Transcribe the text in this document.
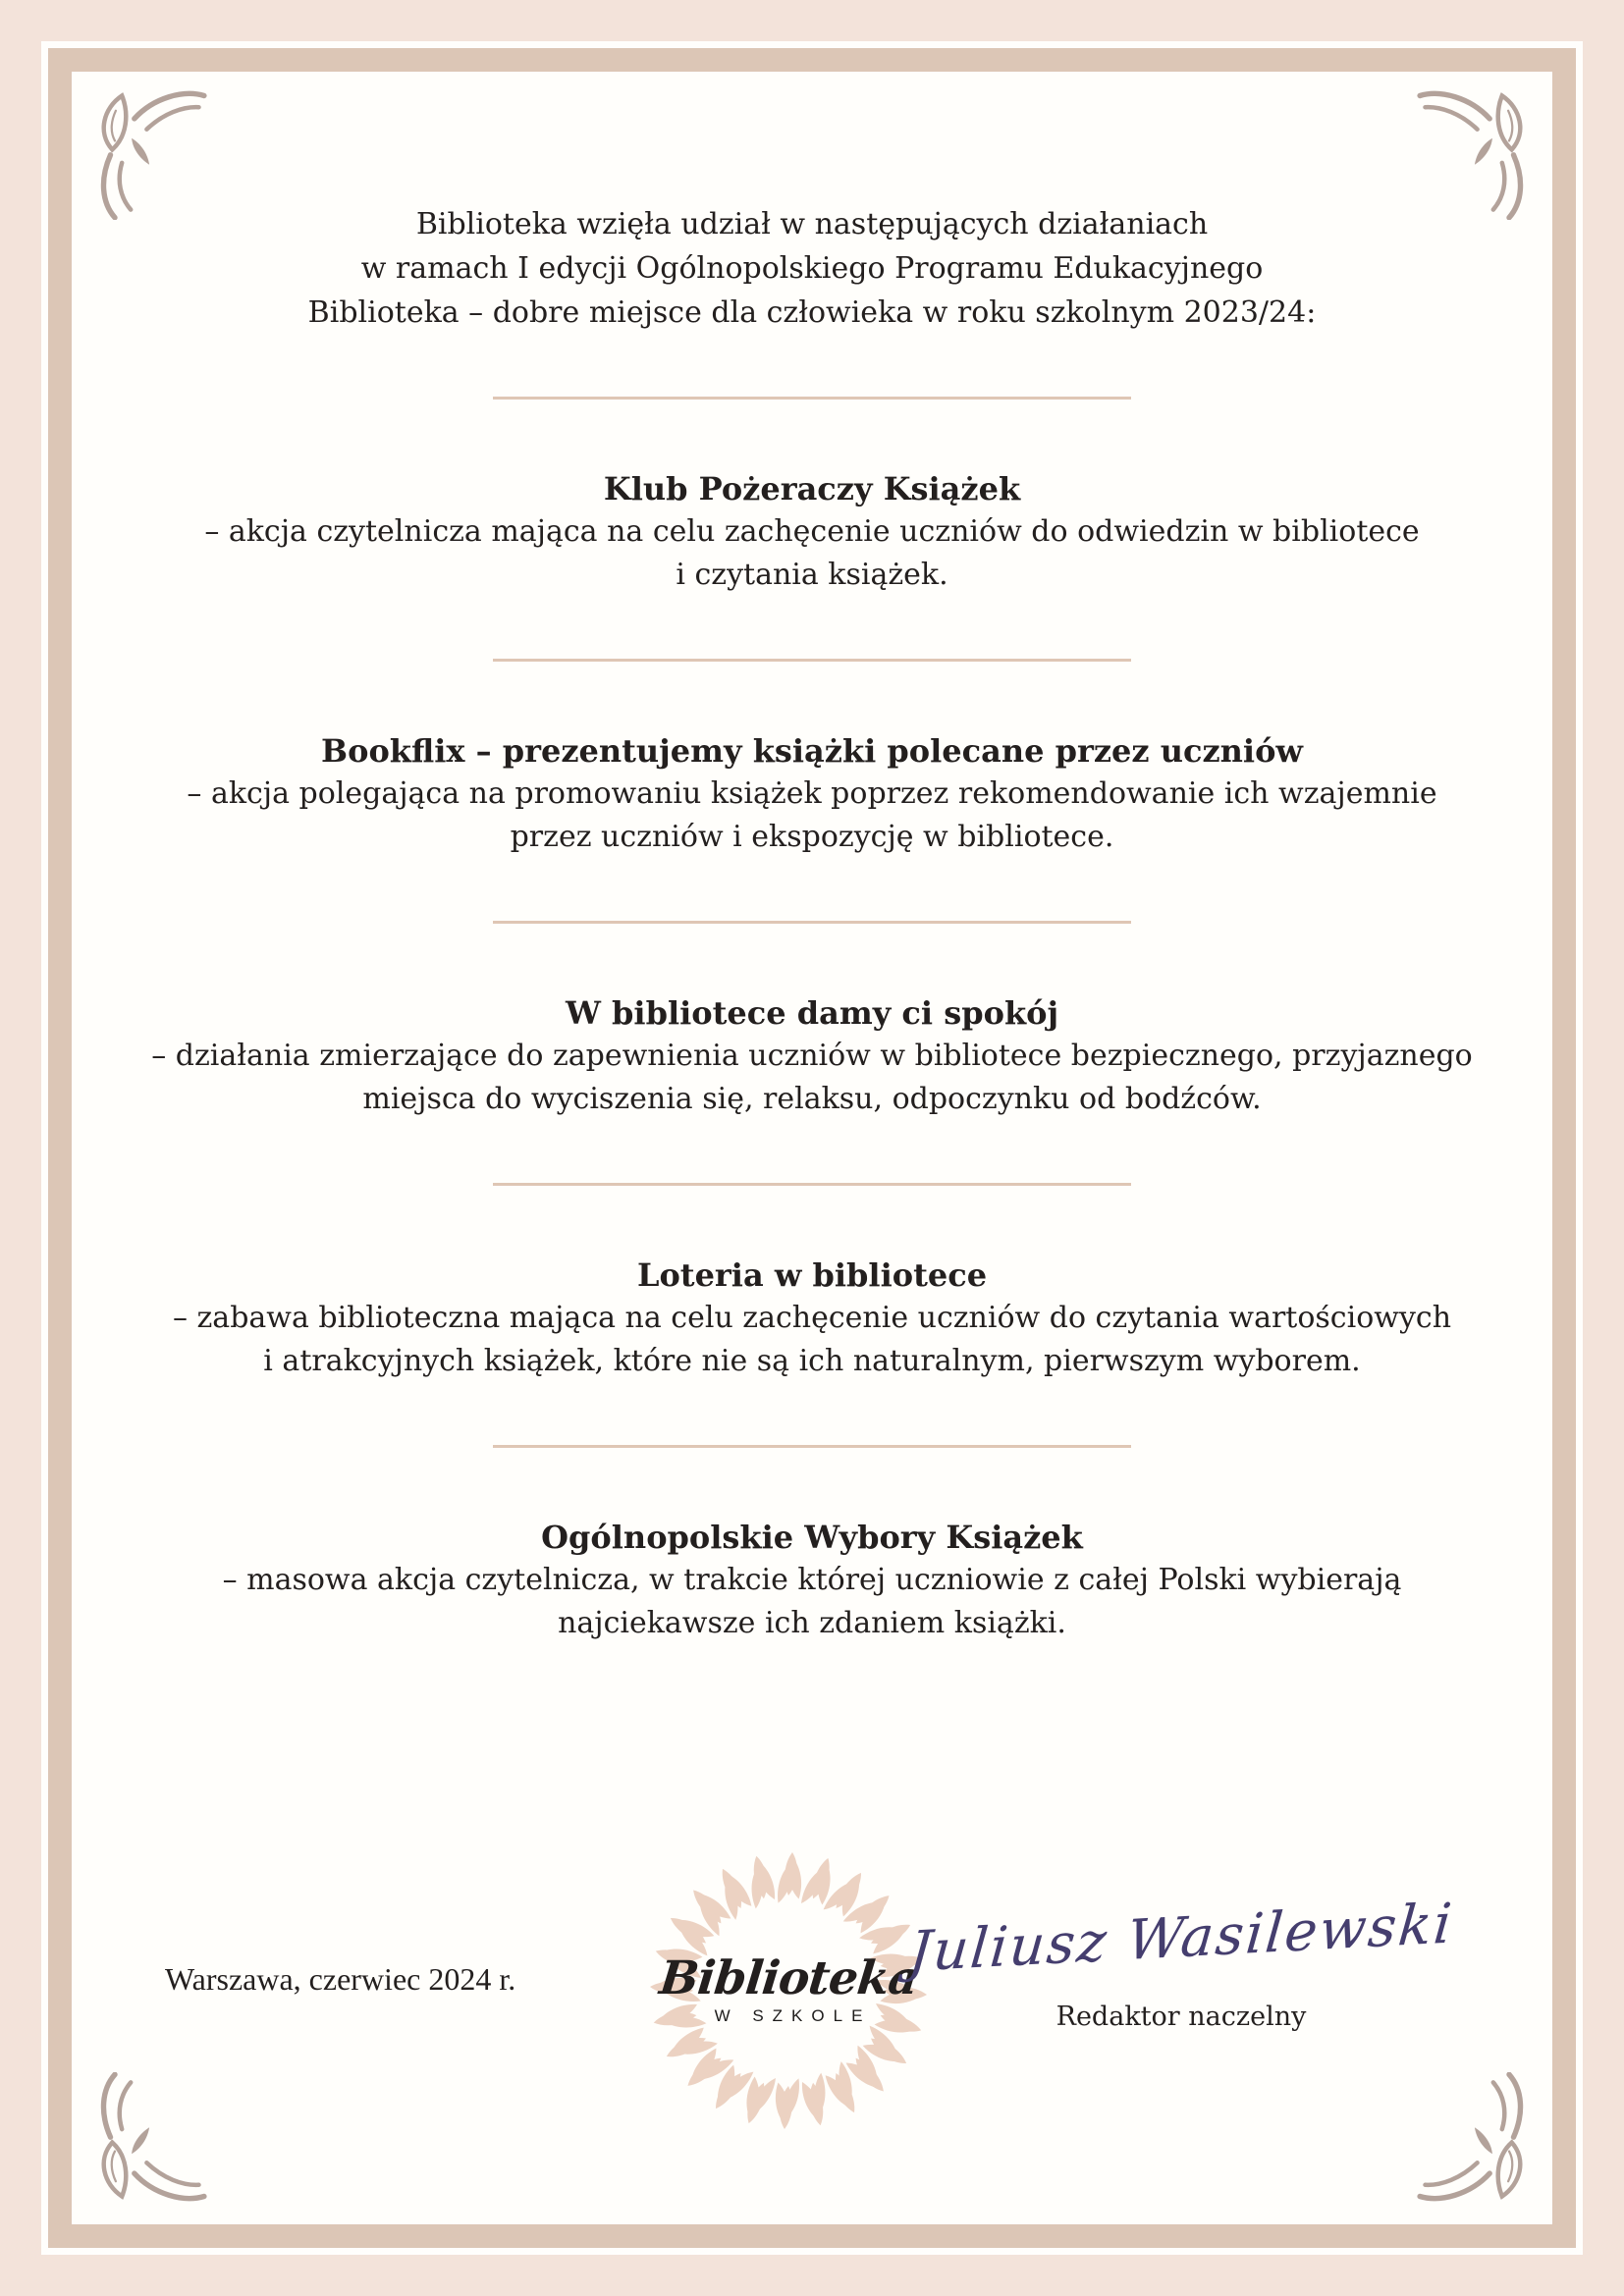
Biblioteka wzięła udział w następujących działaniach

w ramach I edycji Ogólnopolskiego Programu Edukacyjnego

Biblioteka – dobre miejsce dla człowieka w roku szkolnym 2023/24:

Klub Pożeraczy Książek

– akcja czytelnicza mająca na celu zachęcenie uczniów do odwiedzin w bibliotece

i czytania książek.

Bookflix – prezentujemy książki polecane przez uczniów

– akcja polegająca na promowaniu książek poprzez rekomendowanie ich wzajemnie

przez uczniów i ekspozycję w bibliotece.

W bibliotece damy ci spokój

– działania zmierzające do zapewnienia uczniów w bibliotece bezpiecznego, przyjaznego

miejsca do wyciszenia się, relaksu, odpoczynku od bodźców.

Loteria w bibliotece

– zabawa biblioteczna mająca na celu zachęcenie uczniów do czytania wartościowych

i atrakcyjnych książek, które nie są ich naturalnym, pierwszym wyborem.

Ogólnopolskie Wybory Książek

– masowa akcja czytelnicza, w trakcie której uczniowie z całej Polski wybierają

najciekawsze ich zdaniem książki.

Warszawa, czerwiec 2024 r.	Biblioteka
W SZKOLE
Juliusz Wasilewski
Redaktor naczelny
